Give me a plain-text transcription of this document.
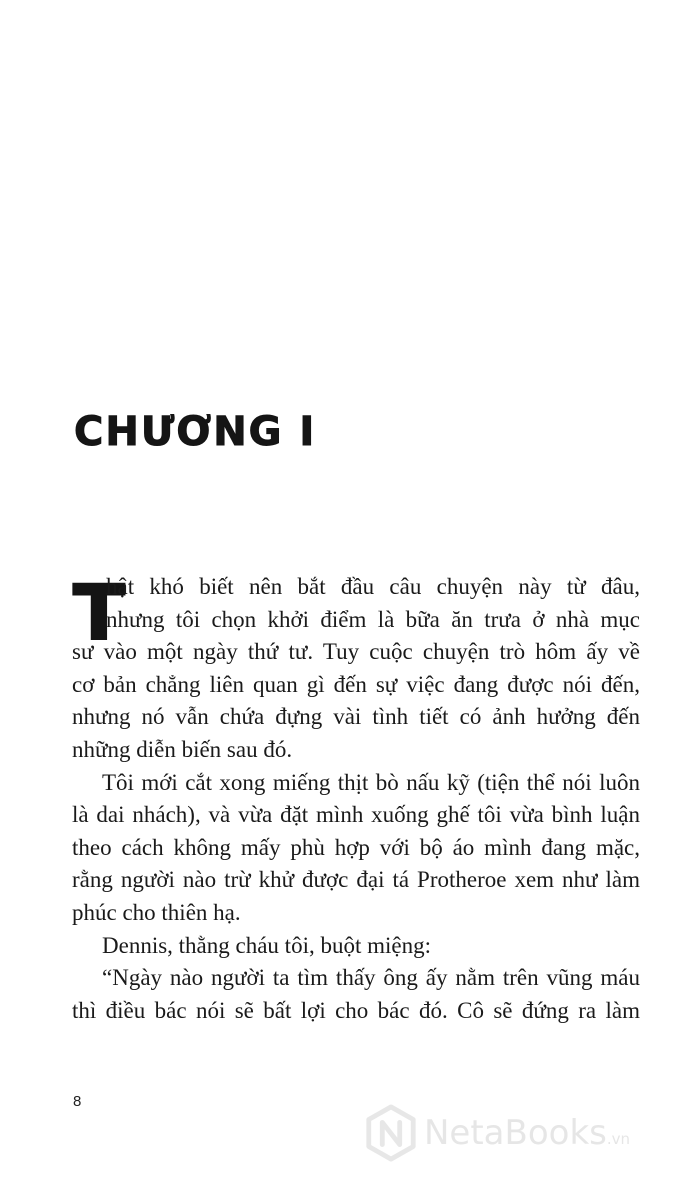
CHƯƠNG I
T
hật khó biết nên bắt đầu câu chuyện này từ đâu,
nhưng tôi chọn khởi điểm là bữa ăn trưa ở nhà mục
sư vào một ngày thứ tư. Tuy cuộc chuyện trò hôm ấy về
cơ bản chẳng liên quan gì đến sự việc đang được nói đến,
nhưng nó vẫn chứa đựng vài tình tiết có ảnh hưởng đến
những diễn biến sau đó.
Tôi mới cắt xong miếng thịt bò nấu kỹ (tiện thể nói luôn
là dai nhách), và vừa đặt mình xuống ghế tôi vừa bình luận
theo cách không mấy phù hợp với bộ áo mình đang mặc,
rằng người nào trừ khử được đại tá Protheroe xem như làm
phúc cho thiên hạ.
Dennis, thằng cháu tôi, buột miệng:
“Ngày nào người ta tìm thấy ông ấy nằm trên vũng máu
thì điều bác nói sẽ bất lợi cho bác đó. Cô sẽ đứng ra làm
8
NetaBooks.vn
